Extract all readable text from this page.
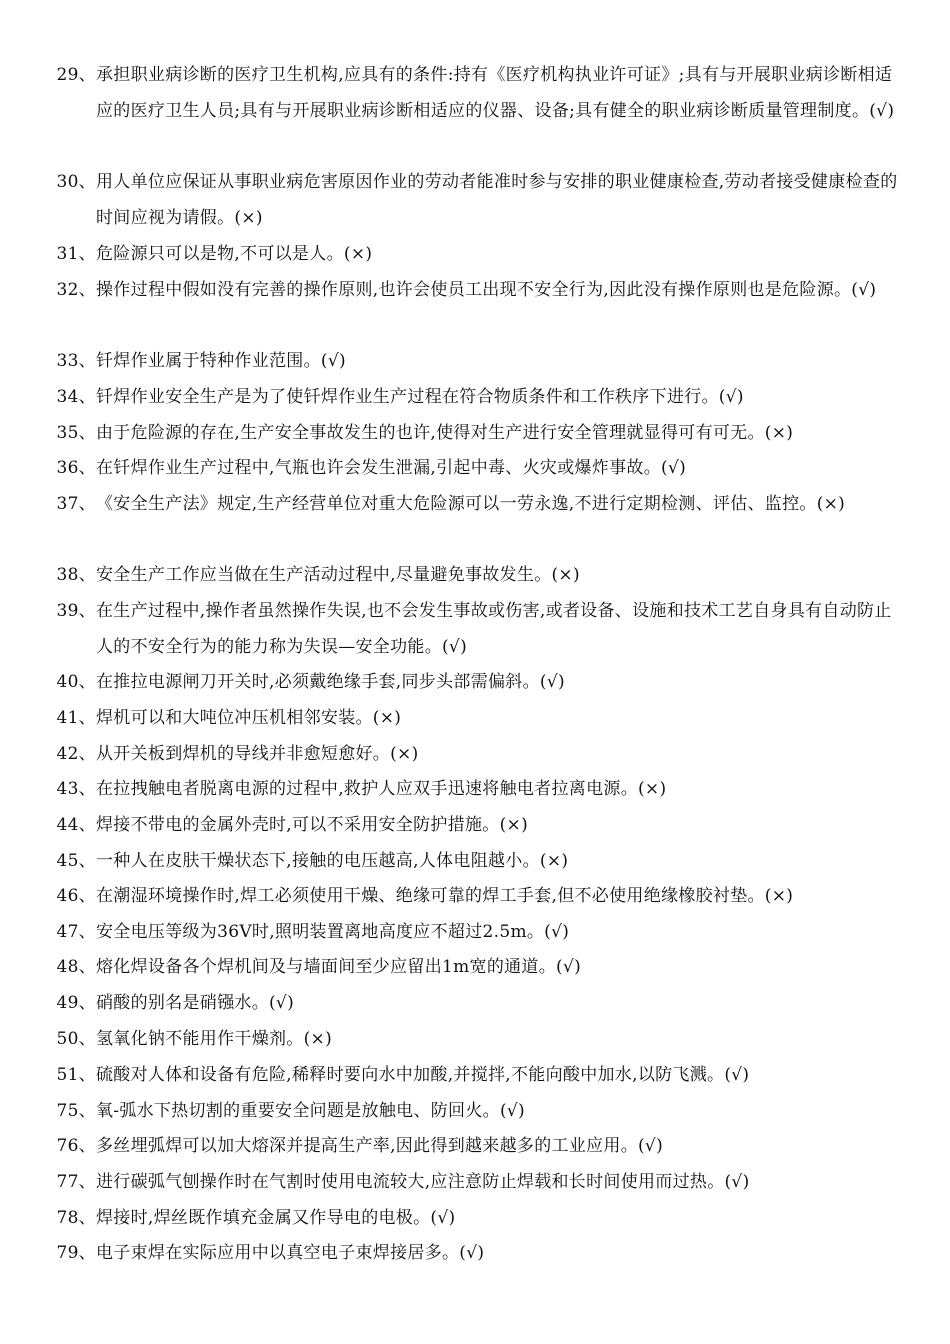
29、 承担职业病诊断的医疗卫生机构,应具有的条件:持有《医疗机构执业许可证》;具有与开展职业病诊断相适应的医疗卫生人员;具有与开展职业病诊断相适应的仪器、设备;具有健全的职业病诊断质量管理制度。(√)
30、 用人单位应保证从事职业病危害原因作业的劳动者能准时参与安排的职业健康检查,劳动者接受健康检查的时间应视为请假。(×)
31、 危险源只可以是物,不可以是人。(×)
32、 操作过程中假如没有完善的操作原则,也许会使员工出现不安全行为,因此没有操作原则也是危险源。(√)
33、 钎焊作业属于特种作业范围。(√)
34、 钎焊作业安全生产是为了使钎焊作业生产过程在符合物质条件和工作秩序下进行。(√)
35、 由于危险源的存在,生产安全事故发生的也许,使得对生产进行安全管理就显得可有可无。(×)
36、 在钎焊作业生产过程中,气瓶也许会发生泄漏,引起中毒、火灾或爆炸事故。(√)
37、 《安全生产法》规定,生产经营单位对重大危险源可以一劳永逸,不进行定期检测、评估、监控。(×)
38、 安全生产工作应当做在生产活动过程中,尽量避免事故发生。(×)
39、 在生产过程中,操作者虽然操作失误,也不会发生事故或伤害,或者设备、设施和技术工艺自身具有自动防止人的不安全行为的能力称为失误—安全功能。(√)
40、 在推拉电源闸刀开关时,必须戴绝缘手套,同步头部需偏斜。(√)
41、 焊机可以和大吨位冲压机相邻安装。(×)
42、 从开关板到焊机的导线并非愈短愈好。(×)
43、 在拉拽触电者脱离电源的过程中,救护人应双手迅速将触电者拉离电源。(×)
44、 焊接不带电的金属外壳时,可以不采用安全防护措施。(×)
45、 一种人在皮肤干燥状态下,接触的电压越高,人体电阻越小。(×)
46、 在潮湿环境操作时,焊工必须使用干燥、绝缘可靠的焊工手套,但不必使用绝缘橡胶衬垫。(×)
47、 安全电压等级为36V时,照明装置离地高度应不超过2.5m。(√)
48、 熔化焊设备各个焊机间及与墙面间至少应留出1m宽的通道。(√)
49、 硝酸的别名是硝镪水。(√)
50、 氢氧化钠不能用作干燥剂。(×)
51、 硫酸对人体和设备有危险,稀释时要向水中加酸,并搅拌,不能向酸中加水,以防飞溅。(√)
75、 氧-弧水下热切割的重要安全问题是放触电、防回火。(√)
76、 多丝埋弧焊可以加大熔深并提高生产率,因此得到越来越多的工业应用。(√)
77、 进行碳弧气刨操作时在气割时使用电流较大,应注意防止焊载和长时间使用而过热。(√)
78、 焊接时,焊丝既作填充金属又作导电的电极。(√)
79、 电子束焊在实际应用中以真空电子束焊接居多。(√)
